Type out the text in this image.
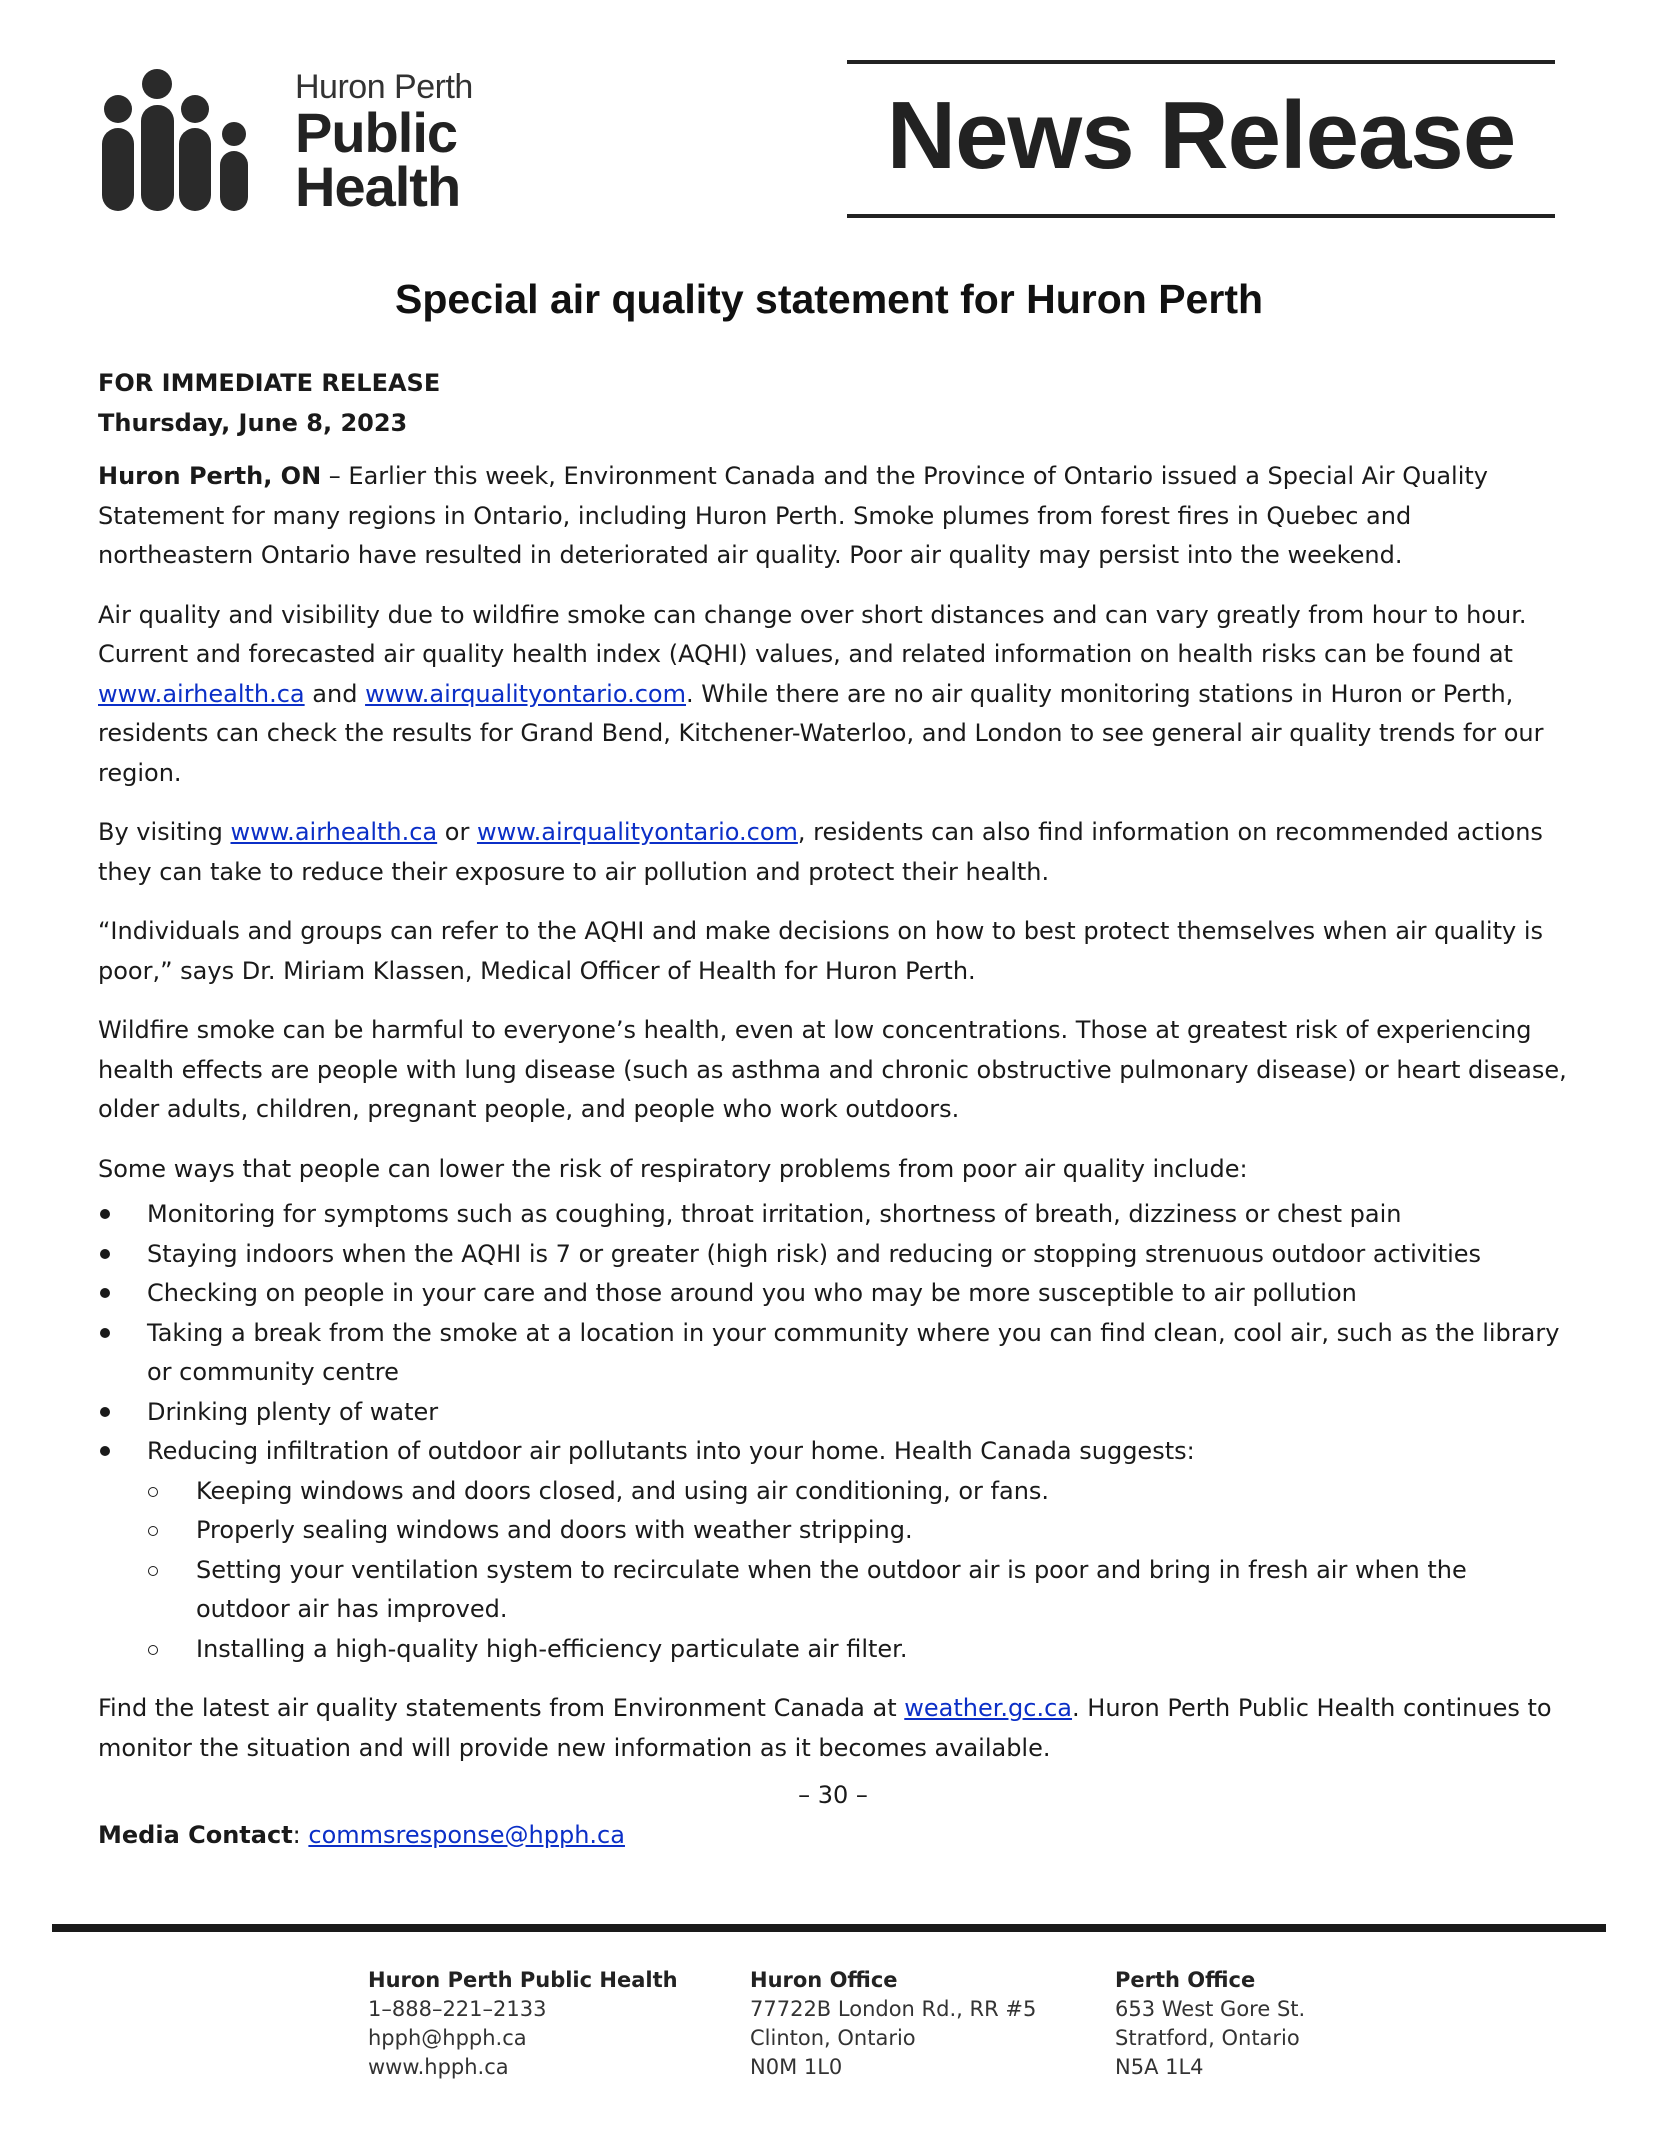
Huron Perth
Public
Health	News Release
Special air quality statement for Huron Perth
FOR IMMEDIATE RELEASE
Thursday, June 8, 2023

Huron Perth, ON – Earlier this week, Environment Canada and the Province of Ontario issued a Special Air Quality Statement for many regions in Ontario, including Huron Perth. Smoke plumes from forest fires in Quebec and northeastern Ontario have resulted in deteriorated air quality. Poor air quality may persist into the weekend.

Air quality and visibility due to wildfire smoke can change over short distances and can vary greatly from hour to hour. Current and forecasted air quality health index (AQHI) values, and related information on health risks can be found at www.airhealth.ca and www.airqualityontario.com. While there are no air quality monitoring stations in Huron or Perth, residents can check the results for Grand Bend, Kitchener-Waterloo, and London to see general air quality trends for our region.

By visiting www.airhealth.ca or www.airqualityontario.com, residents can also find information on recommended actions they can take to reduce their exposure to air pollution and protect their health.

“Individuals and groups can refer to the AQHI and make decisions on how to best protect themselves when air quality is poor,” says Dr. Miriam Klassen, Medical Officer of Health for Huron Perth.

Wildfire smoke can be harmful to everyone’s health, even at low concentrations. Those at greatest risk of experiencing health effects are people with lung disease (such as asthma and chronic obstructive pulmonary disease) or heart disease, older adults, children, pregnant people, and people who work outdoors.

Some ways that people can lower the risk of respiratory problems from poor air quality include:

Monitoring for symptoms such as coughing, throat irritation, shortness of breath, dizziness or chest pain
Staying indoors when the AQHI is 7 or greater (high risk) and reducing or stopping strenuous outdoor activities
Checking on people in your care and those around you who may be more susceptible to air pollution
Taking a break from the smoke at a location in your community where you can find clean, cool air, such as the library or community centre
Drinking plenty of water
Reducing infiltration of outdoor air pollutants into your home. Health Canada suggests:
Keeping windows and doors closed, and using air conditioning, or fans.
Properly sealing windows and doors with weather stripping.
Setting your ventilation system to recirculate when the outdoor air is poor and bring in fresh air when the outdoor air has improved.
Installing a high-quality high-efficiency particulate air filter.

Find the latest air quality statements from Environment Canada at weather.gc.ca. Huron Perth Public Health continues to monitor the situation and will provide new information as it becomes available.

– 30 –
Media Contact: commsresponse@hpph.ca
Huron Perth Public Health
1–888–221–2133
hpph@hpph.ca
www.hpph.ca
Huron Office
77722B London Rd., RR #5
Clinton, Ontario
N0M 1L0
Perth Office
653 West Gore St.
Stratford, Ontario
N5A 1L4
